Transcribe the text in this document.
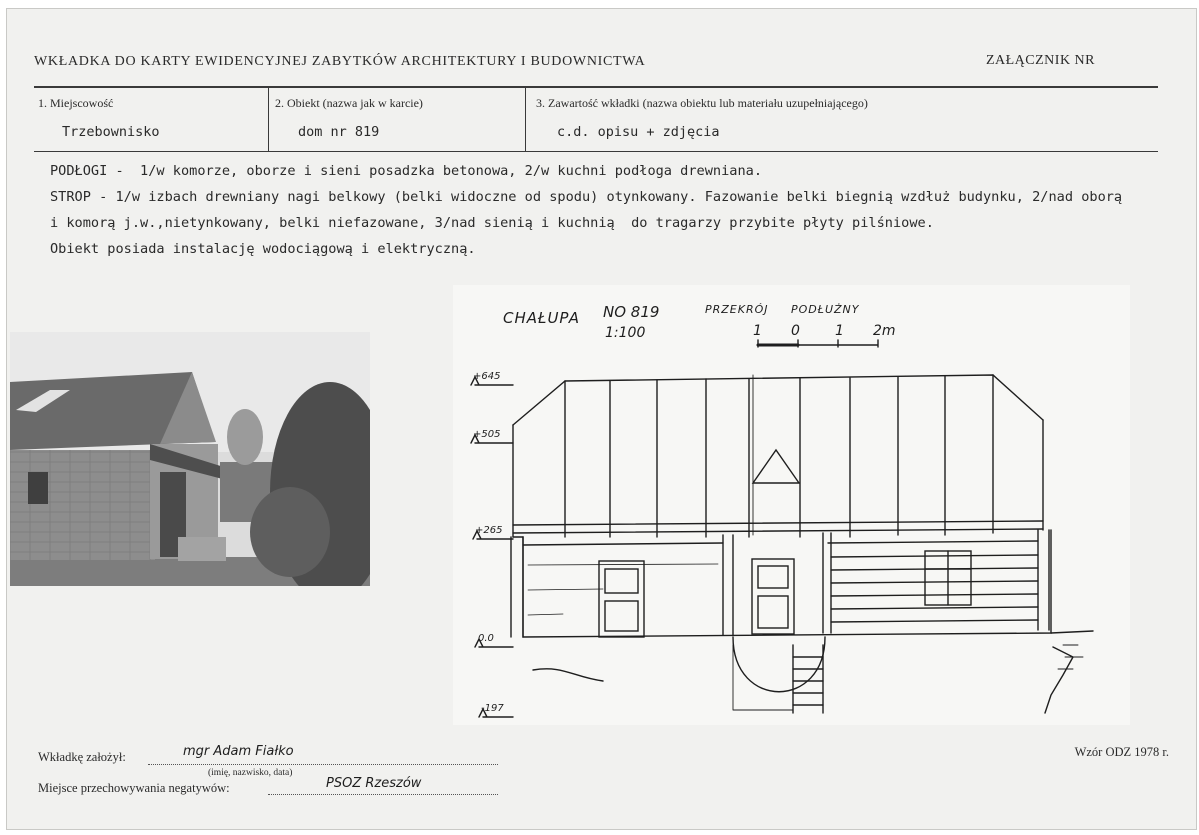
WKŁADKA DO KARTY EWIDENCYJNEJ ZABYTKÓW ARCHITEKTURY I BUDOWNICTWA	ZAŁĄCZNIK NR
1. Miejscowość
Trzebownisko
2. Obiekt (nazwa jak w karcie)
dom nr 819
3. Zawartość wkładki (nazwa obiektu lub materiału uzupełniającego)
c.d. opisu + zdjęcia
PODŁOGI -  1/w komorze, oborze i sieni posadzka betonowa, 2/w kuchni podłoga drewniana.
STROP - 1/w izbach drewniany nagi belkowy (belki widoczne od spodu) otynkowany. Fazowanie belki biegnią wzdłuż budynku, 2/nad oborą
i komorą j.w.,nietynkowany, belki niefazowane, 3/nad sienią i kuchnią  do tragarzy przybite płyty pilśniowe.
Obiekt posiada instalację wodociągową i elektryczną.
CHAŁUPA NO 819	PRZEKRÓJ PODŁUŻNY
1:100	1 0	1 2m
+645
+505
+265
0.0
-197
Wkładkę założył:	mgr Adam Fiałko
(imię, nazwisko, data)
Miejsce przechowywania negatywów:	PSOZ Rzeszów
Wzór ODZ 1978 r.
